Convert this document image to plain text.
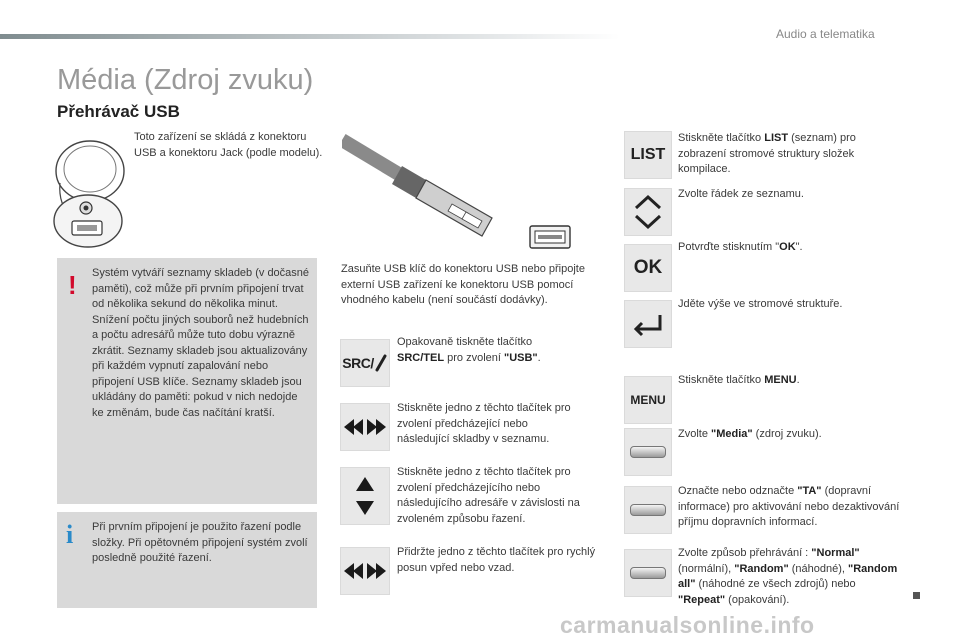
Audio a telematika
Média (Zdroj zvuku)
Přehrávač USB
Toto zařízení se skládá z konektoru USB a konektoru Jack (podle modelu).
! Systém vytváří seznamy skladeb (v dočasné paměti), což může při prvním připojení trvat od několika sekund do několika minut. Snížení počtu jiných souborů než hudebních a počtu adresářů může tuto dobu výrazně zkrátit. Seznamy skladeb jsou aktualizovány při každém vypnutí zapalování nebo připojení USB klíče. Seznamy skladeb jsou ukládány do paměti: pokud v nich nedojde ke změnám, bude čas načítání kratší.
i Při prvním připojení je použito řazení podle složky. Při opětovném připojení systém zvolí posledně použité řazení.
Zasuňte USB klíč do konektoru USB nebo připojte externí USB zařízení ke konektoru USB pomocí vhodného kabelu (není součástí dodávky).
SRC/
Opakovaně tiskněte tlačítko
SRC/TEL pro zvolení "USB".
Stiskněte jedno z těchto tlačítek pro zvolení předcházející nebo následující skladby v seznamu.
Stiskněte jedno z těchto tlačítek pro zvolení předcházejícího nebo následujícího adresáře v závislosti na zvoleném způsobu řazení.
Přidržte jedno z těchto tlačítek pro rychlý posun vpřed nebo vzad.
LIST
Stiskněte tlačítko LIST (seznam) pro zobrazení stromové struktury složek kompilace.
Zvolte řádek ze seznamu.
OK
Potvrďte stisknutím "OK".
Jděte výše ve stromové struktuře.
MENU
Stiskněte tlačítko MENU.
Zvolte "Media" (zdroj zvuku).
Označte nebo odznačte "TA" (dopravní informace) pro aktivování nebo dezaktivování příjmu dopravních informací.
Zvolte způsob přehrávání : "Normal" (normální), "Random" (náhodné), "Random all" (náhodné ze všech zdrojů) nebo "Repeat" (opakování).
carmanualsonline.info
